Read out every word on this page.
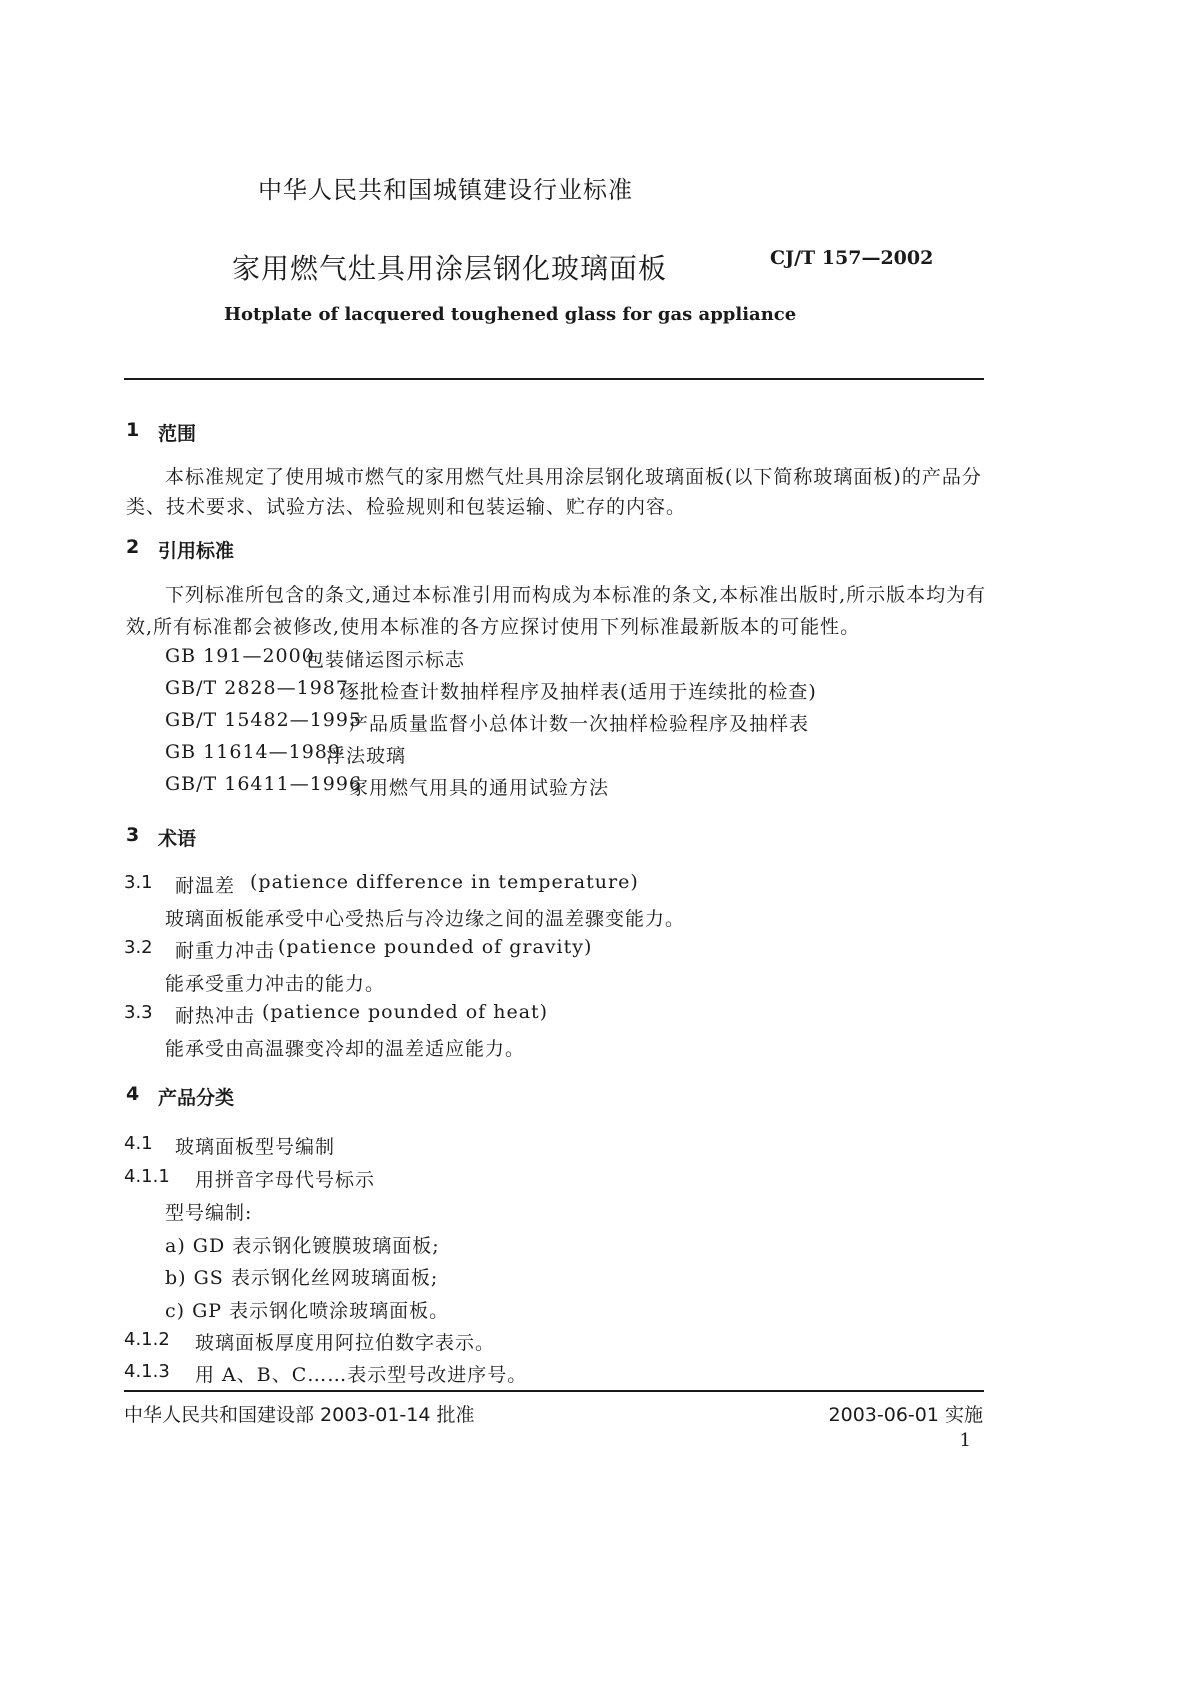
中华人民共和国城镇建设行业标准
家用燃气灶具用涂层钢化玻璃面板	CJ/T 157—2002
Hotplate of lacquered toughened glass for gas appliance
1 范围
本标准规定了使用城市燃气的家用燃气灶具用涂层钢化玻璃面板(以下简称玻璃面板)的产品分
类、技术要求、试验方法、检验规则和包装运输、贮存的内容。
2 引用标准
下列标准所包含的条文,通过本标准引用而构成为本标准的条文,本标准出版时,所示版本均为有
效,所有标准都会被修改,使用本标准的各方应探讨使用下列标准最新版本的可能性。
GB 191—2000
包装储运图示标志
GB/T 2828—1987
逐批检查计数抽样程序及抽样表(适用于连续批的检查)
GB/T 15482—1995
产品质量监督小总体计数一次抽样检验程序及抽样表
GB 11614—1989
浮法玻璃
GB/T 16411—1996
家用燃气用具的通用试验方法
3 术语
3.1 耐温差 (patience difference in temperature)
玻璃面板能承受中心受热后与冷边缘之间的温差骤变能力。
3.2 耐重力冲击 (patience pounded of gravity)
能承受重力冲击的能力。
3.3 耐热冲击 (patience pounded of heat)
能承受由高温骤变冷却的温差适应能力。
4 产品分类
4.1 玻璃面板型号编制
4.1.1 用拼音字母代号标示
型号编制:
a) GD 表示钢化镀膜玻璃面板;
b) GS 表示钢化丝网玻璃面板;
c) GP 表示钢化喷涂玻璃面板。
4.1.2 玻璃面板厚度用阿拉伯数字表示。
4.1.3 用 A、B、C……表示型号改进序号。
中华人民共和国建设部 2003-01-14 批准	2003-06-01 实施
1
